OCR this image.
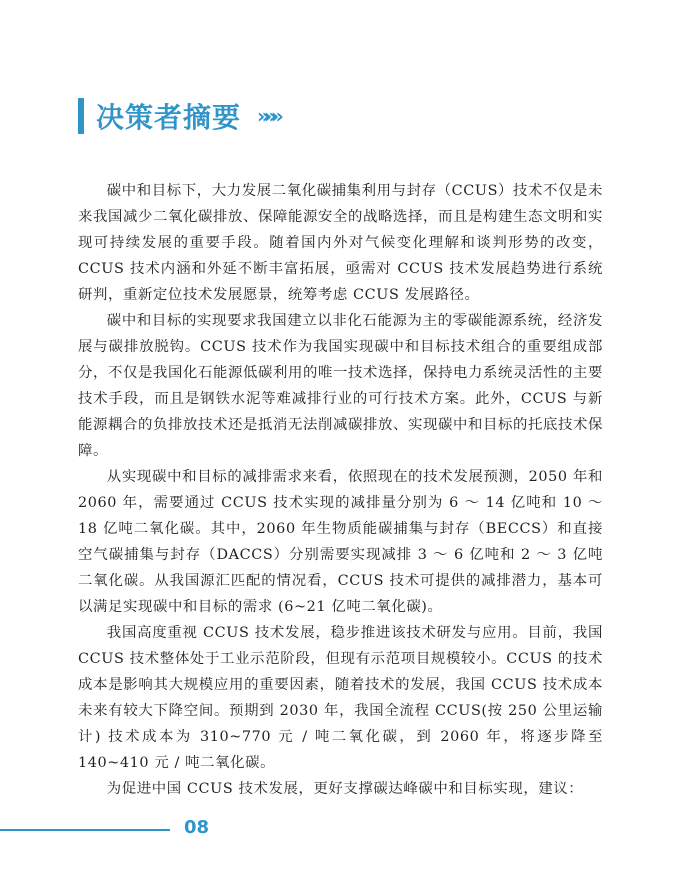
决策者摘要 »»»

碳中和目标下，大力发展二氧化碳捕集利用与封存（CCUS）技术不仅是未来我国减少二氧化碳排放、保障能源安全的战略选择，而且是构建生态文明和实现可持续发展的重要手段。随着国内外对气候变化理解和谈判形势的改变，CCUS 技术内涵和外延不断丰富拓展，亟需对 CCUS 技术发展趋势进行系统研判，重新定位技术发展愿景，统筹考虑 CCUS 发展路径。

碳中和目标的实现要求我国建立以非化石能源为主的零碳能源系统，经济发展与碳排放脱钩。CCUS 技术作为我国实现碳中和目标技术组合的重要组成部分，不仅是我国化石能源低碳利用的唯一技术选择，保持电力系统灵活性的主要技术手段，而且是钢铁水泥等难减排行业的可行技术方案。此外，CCUS 与新能源耦合的负排放技术还是抵消无法削减碳排放、实现碳中和目标的托底技术保障。

从实现碳中和目标的减排需求来看，依照现在的技术发展预测，2050 年和 2060 年，需要通过 CCUS 技术实现的减排量分别为 6 ～ 14 亿吨和 10 ～ 18 亿吨二氧化碳。其中，2060 年生物质能碳捕集与封存（BECCS）和直接空气碳捕集与封存（DACCS）分别需要实现减排 3 ～ 6 亿吨和 2 ～ 3 亿吨二氧化碳。从我国源汇匹配的情况看，CCUS 技术可提供的减排潜力，基本可以满足实现碳中和目标的需求 (6~21 亿吨二氧化碳)。

我国高度重视 CCUS 技术发展，稳步推进该技术研发与应用。目前，我国 CCUS 技术整体处于工业示范阶段，但现有示范项目规模较小。CCUS 的技术成本是影响其大规模应用的重要因素，随着技术的发展，我国 CCUS 技术成本未来有较大下降空间。预期到 2030 年，我国全流程 CCUS(按 250 公里运输计) 技术成本为 310~770 元 / 吨二氧化碳，到 2060 年，将逐步降至 140~410 元 / 吨二氧化碳。

为促进中国 CCUS 技术发展，更好支撑碳达峰碳中和目标实现，建议：

08
